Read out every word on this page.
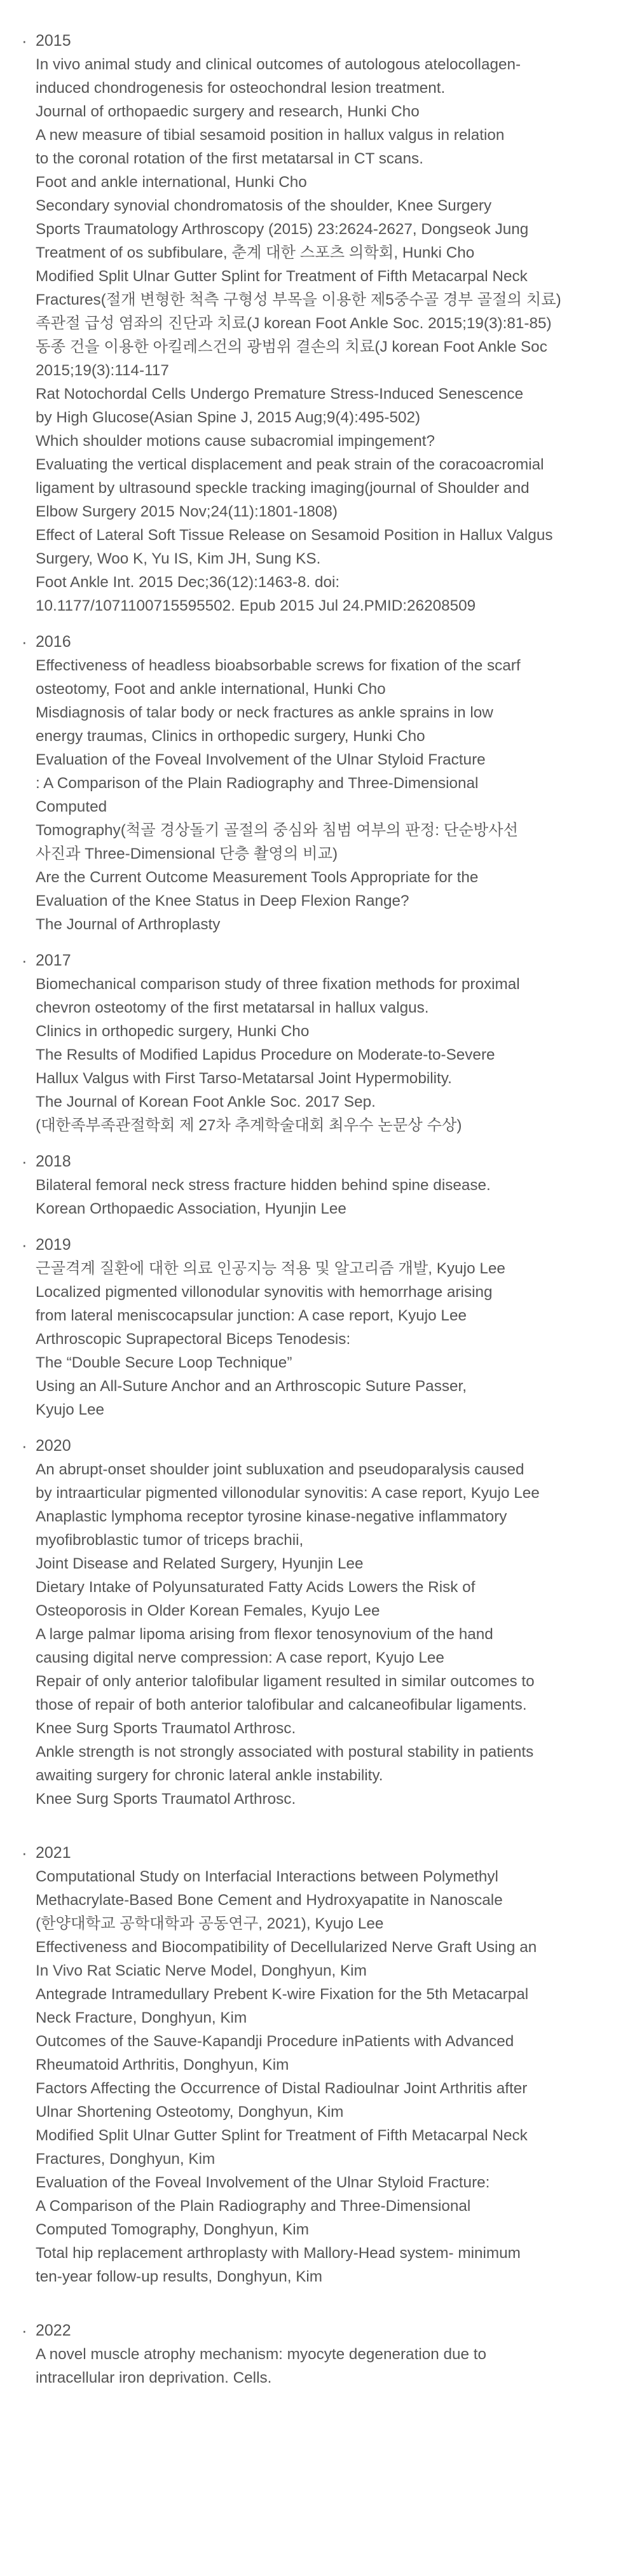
· 2015
In vivo animal study and clinical outcomes of autologous atelocollagen-
induced chondrogenesis for osteochondral lesion treatment.
Journal of orthopaedic surgery and research, Hunki Cho
A new measure of tibial sesamoid position in hallux valgus in relation
to the coronal rotation of the first metatarsal in CT scans.
Foot and ankle international, Hunki Cho
Secondary synovial chondromatosis of the shoulder, Knee Surgery
Sports Traumatology Arthroscopy (2015) 23:2624-2627, Dongseok Jung
Treatment of os subfibulare, 춘계 대한 스포츠 의학회, Hunki Cho
Modified Split Ulnar Gutter Splint for Treatment of Fifth Metacarpal Neck
Fractures(절개 변형한 척측 구형성 부목을 이용한 제5중수골 경부 골절의 치료)
족관절 급성 염좌의 진단과 치료(J korean Foot Ankle Soc. 2015;19(3):81-85)
동종 건을 이용한 아킬레스건의 광범위 결손의 치료(J korean Foot Ankle Soc
2015;19(3):114-117
Rat Notochordal Cells Undergo Premature Stress-Induced Senescence
by High Glucose(Asian Spine J, 2015 Aug;9(4):495-502)
Which shoulder motions cause subacromial impingement?
Evaluating the vertical displacement and peak strain of the coracoacromial
ligament by ultrasound speckle tracking imaging(journal of Shoulder and
Elbow Surgery 2015 Nov;24(11):1801-1808)
Effect of Lateral Soft Tissue Release on Sesamoid Position in Hallux Valgus
Surgery, Woo K, Yu IS, Kim JH, Sung KS.
Foot Ankle Int. 2015 Dec;36(12):1463-8. doi:
10.1177/1071100715595502. Epub 2015 Jul 24.PMID:26208509
· 2016
Effectiveness of headless bioabsorbable screws for fixation of the scarf
osteotomy, Foot and ankle international, Hunki Cho
Misdiagnosis of talar body or neck fractures as ankle sprains in low
energy traumas, Clinics in orthopedic surgery, Hunki Cho
Evaluation of the Foveal Involvement of the Ulnar Styloid Fracture
: A Comparison of the Plain Radiography and Three-Dimensional
Computed
Tomography(척골 경상돌기 골절의 중심와 침범 여부의 판정: 단순방사선
사진과 Three-Dimensional 단층 촬영의 비교)
Are the Current Outcome Measurement Tools Appropriate for the
Evaluation of the Knee Status in Deep Flexion Range?
The Journal of Arthroplasty
· 2017
Biomechanical comparison study of three fixation methods for proximal
chevron osteotomy of the first metatarsal in hallux valgus.
Clinics in orthopedic surgery, Hunki Cho
The Results of Modified Lapidus Procedure on Moderate-to-Severe
Hallux Valgus with First Tarso-Metatarsal Joint Hypermobility.
The Journal of Korean Foot Ankle Soc. 2017 Sep.
(대한족부족관절학회 제 27차 추계학술대회 최우수 논문상 수상)
· 2018
Bilateral femoral neck stress fracture hidden behind spine disease.
Korean Orthopaedic Association, Hyunjin Lee
· 2019
근골격계 질환에 대한 의료 인공지능 적용 및 알고리즘 개발, Kyujo Lee
Localized pigmented villonodular synovitis with hemorrhage arising
from lateral meniscocapsular junction: A case report, Kyujo Lee
Arthroscopic Suprapectoral Biceps Tenodesis:
The “Double Secure Loop Technique”
Using an All-Suture Anchor and an Arthroscopic Suture Passer,
Kyujo Lee
· 2020
An abrupt-onset shoulder joint subluxation and pseudoparalysis caused
by intraarticular pigmented villonodular synovitis: A case report, Kyujo Lee
Anaplastic lymphoma receptor tyrosine kinase-negative inflammatory
myofibroblastic tumor of triceps brachii,
Joint Disease and Related Surgery, Hyunjin Lee
Dietary Intake of Polyunsaturated Fatty Acids Lowers the Risk of
Osteoporosis in Older Korean Females, Kyujo Lee
A large palmar lipoma arising from flexor tenosynovium of the hand
causing digital nerve compression: A case report, Kyujo Lee
Repair of only anterior talofibular ligament resulted in similar outcomes to
those of repair of both anterior talofibular and calcaneofibular ligaments.
Knee Surg Sports Traumatol Arthrosc.
Ankle strength is not strongly associated with postural stability in patients
awaiting surgery for chronic lateral ankle instability.
Knee Surg Sports Traumatol Arthrosc.
· 2021
Computational Study on Interfacial Interactions between Polymethyl
Methacrylate-Based Bone Cement and Hydroxyapatite in Nanoscale
(한양대학교 공학대학과 공동연구, 2021), Kyujo Lee
Effectiveness and Biocompatibility of Decellularized Nerve Graft Using an
In Vivo Rat Sciatic Nerve Model, Donghyun, Kim
Antegrade Intramedullary Prebent K-wire Fixation for the 5th Metacarpal
Neck Fracture, Donghyun, Kim
Outcomes of the Sauve-Kapandji Procedure inPatients with Advanced
Rheumatoid Arthritis, Donghyun, Kim
Factors Affecting the Occurrence of Distal Radioulnar Joint Arthritis after
Ulnar Shortening Osteotomy, Donghyun, Kim
Modified Split Ulnar Gutter Splint for Treatment of Fifth Metacarpal Neck
Fractures, Donghyun, Kim
Evaluation of the Foveal Involvement of the Ulnar Styloid Fracture:
A Comparison of the Plain Radiography and Three-Dimensional
Computed Tomography, Donghyun, Kim
Total hip replacement arthroplasty with Mallory-Head system- minimum
ten-year follow-up results, Donghyun, Kim
· 2022
A novel muscle atrophy mechanism: myocyte degeneration due to
intracellular iron deprivation. Cells.
